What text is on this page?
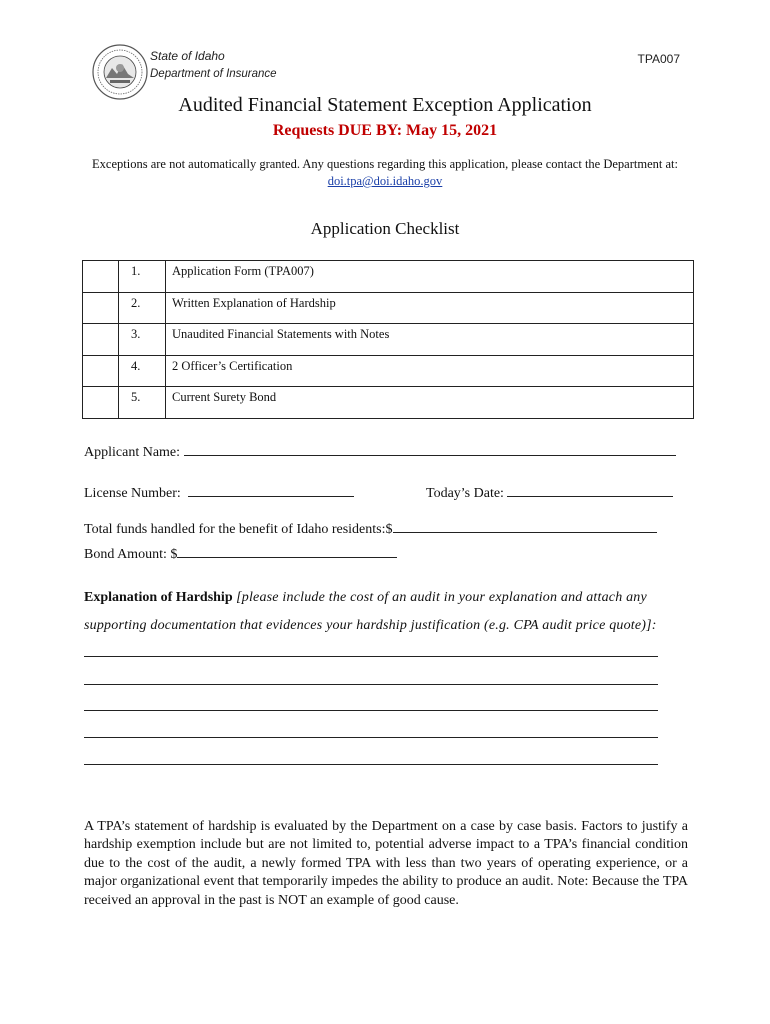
State of Idaho
Department of Insurance
TPA007
Audited Financial Statement Exception Application
Requests DUE BY: May 15, 2021
Exceptions are not automatically granted. Any questions regarding this application, please contact the Department at: doi.tpa@doi.idaho.gov
Application Checklist
	1.	Application Form (TPA007)
	2.	Written Explanation of Hardship
	3.	Unaudited Financial Statements with Notes
	4.	2 Officer’s Certification
	5.	Current Surety Bond
Applicant Name:
License Number:	Today’s Date:
Total funds handled for the benefit of Idaho residents:$
Bond Amount: $
Explanation of Hardship [please include the cost of an audit in your explanation and attach any supporting documentation that evidences your hardship justification (e.g. CPA audit price quote)]:
A TPA’s statement of hardship is evaluated by the Department on a case by case basis. Factors to justify a hardship exemption include but are not limited to, potential adverse impact to a TPA’s financial condition due to the cost of the audit, a newly formed TPA with less than two years of operating experience, or a major organizational event that temporarily impedes the ability to produce an audit. Note: Because the TPA received an approval in the past is NOT an example of good cause.
